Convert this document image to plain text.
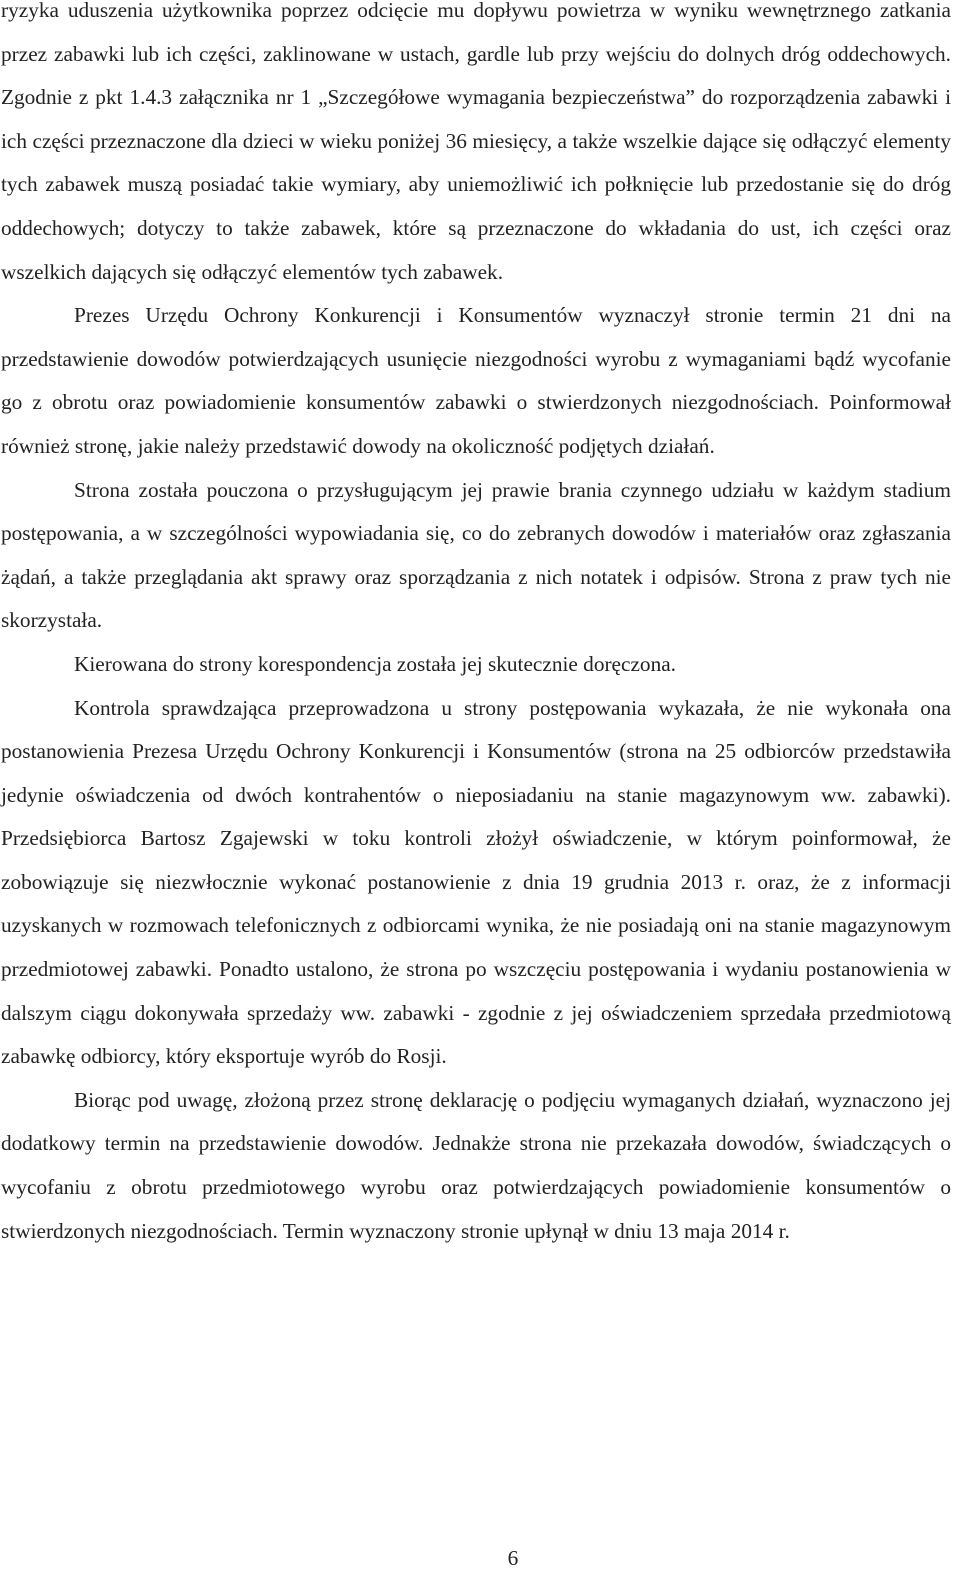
ryzyka uduszenia użytkownika poprzez odcięcie mu dopływu powietrza w wyniku wewnętrznego zatkania przez zabawki lub ich części, zaklinowane w ustach, gardle lub przy wejściu do dolnych dróg oddechowych. Zgodnie z pkt 1.4.3 załącznika nr 1 „Szczegółowe wymagania bezpieczeństwa” do rozporządzenia zabawki i ich części przeznaczone dla dzieci w wieku poniżej 36 miesięcy, a także wszelkie dające się odłączyć elementy tych zabawek muszą posiadać takie wymiary, aby uniemożliwić ich połknięcie lub przedostanie się do dróg oddechowych; dotyczy to także zabawek, które są przeznaczone do wkładania do ust, ich części oraz wszelkich dających się odłączyć elementów tych zabawek.

Prezes Urzędu Ochrony Konkurencji i Konsumentów wyznaczył stronie termin 21 dni na przedstawienie dowodów potwierdzających usunięcie niezgodności wyrobu z wymaganiami bądź wycofanie go z obrotu oraz powiadomienie konsumentów zabawki o stwierdzonych niezgodnościach. Poinformował również stronę, jakie należy przedstawić dowody na okoliczność podjętych działań.

Strona została pouczona o przysługującym jej prawie brania czynnego udziału w każdym stadium postępowania, a w szczególności wypowiadania się, co do zebranych dowodów i materiałów oraz zgłaszania żądań, a także przeglądania akt sprawy oraz sporządzania z nich notatek i odpisów. Strona z praw tych nie skorzystała.

Kierowana do strony korespondencja została jej skutecznie doręczona.

Kontrola sprawdzająca przeprowadzona u strony postępowania wykazała, że nie wykonała ona postanowienia Prezesa Urzędu Ochrony Konkurencji i Konsumentów (strona na 25 odbiorców przedstawiła jedynie oświadczenia od dwóch kontrahentów o nieposiadaniu na stanie magazynowym ww. zabawki). Przedsiębiorca Bartosz Zgajewski w toku kontroli złożył oświadczenie, w którym poinformował, że zobowiązuje się niezwłocznie wykonać postanowienie z dnia 19 grudnia 2013 r. oraz, że z informacji uzyskanych w rozmowach telefonicznych z odbiorcami wynika, że nie posiadają oni na stanie magazynowym przedmiotowej zabawki. Ponadto ustalono, że strona po wszczęciu postępowania i wydaniu postanowienia w dalszym ciągu dokonywała sprzedaży ww. zabawki - zgodnie z jej oświadczeniem sprzedała przedmiotową zabawkę odbiorcy, który eksportuje wyrób do Rosji.

Biorąc pod uwagę, złożoną przez stronę deklarację o podjęciu wymaganych działań, wyznaczono jej dodatkowy termin na przedstawienie dowodów. Jednakże strona nie przekazała dowodów, świadczących o wycofaniu z obrotu przedmiotowego wyrobu oraz potwierdzających powiadomienie konsumentów o stwierdzonych niezgodnościach. Termin wyznaczony stronie upłynął w dniu 13 maja 2014 r.

6
